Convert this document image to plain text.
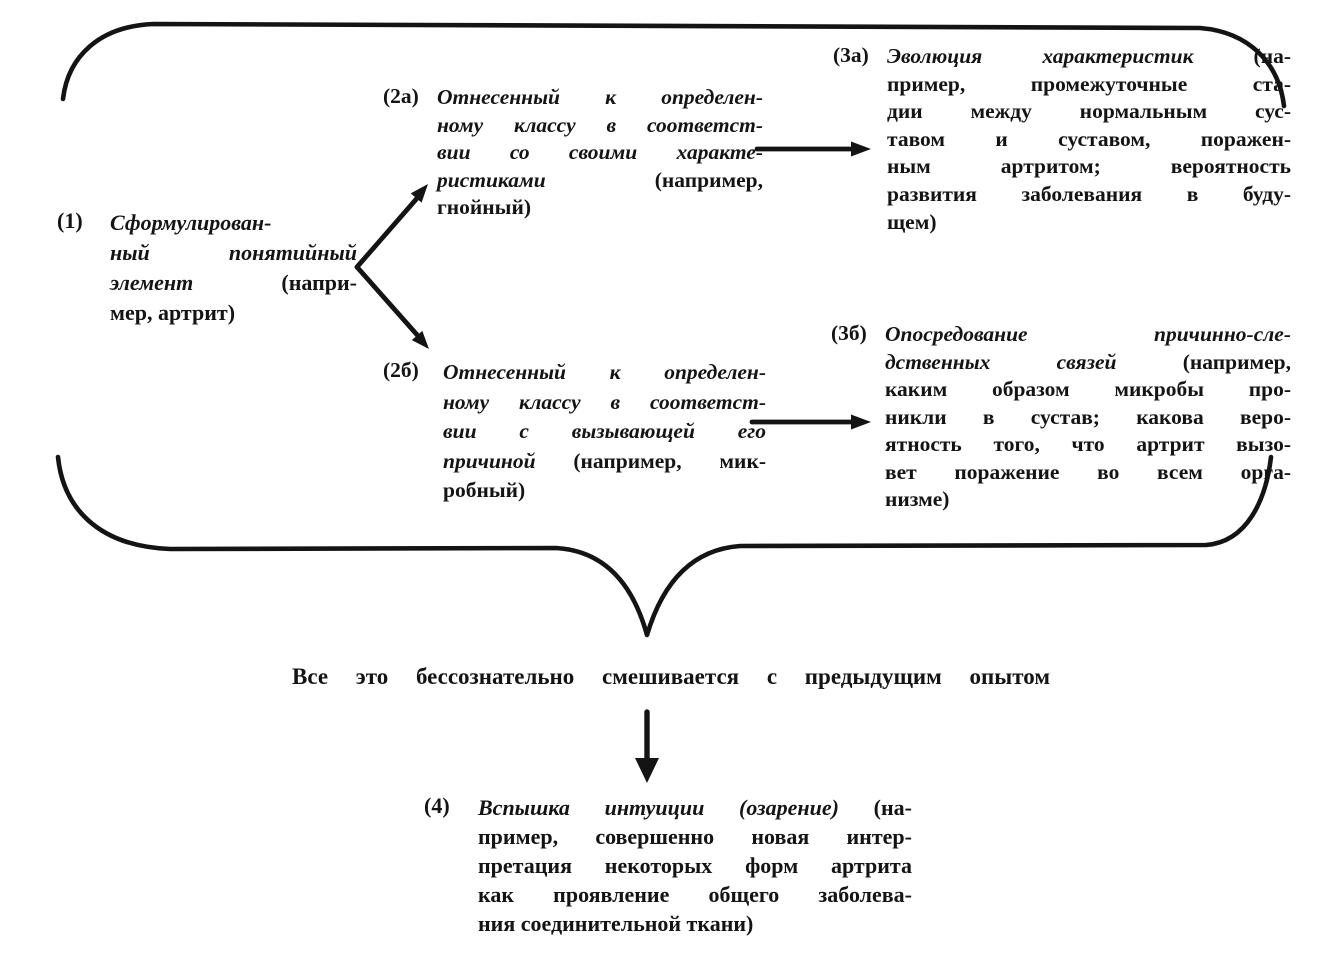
(1) Сформулирован-
ный понятийный
элемент (напри-
мер, артрит)
(2а) Отнесенный к определен-
ному классу в соответст-
вии со своими характе-
ристиками (например,
гнойный)
(3а) Эволюция характеристик (на-
пример, промежуточные ста-
дии между нормальным сус-
тавом и суставом, поражен-
ным артритом; вероятность
развития заболевания в буду-
щем)
(2б) Отнесенный к определен-
ному классу в соответст-
вии с вызывающей его
причиной (например, мик-
робный)
(3б) Опосредование причинно-сле-
дственных связей (например,
каким образом микробы про-
никли в сустав; какова веро-
ятность того, что артрит вызо-
вет поражение во всем орга-
низме)
Все это бессознательно смешивается с предыдущим опытом
(4) Вспышка интуиции (озарение) (на-
пример, совершенно новая интер-
претация некоторых форм артрита
как проявление общего заболева-
ния соединительной ткани)
